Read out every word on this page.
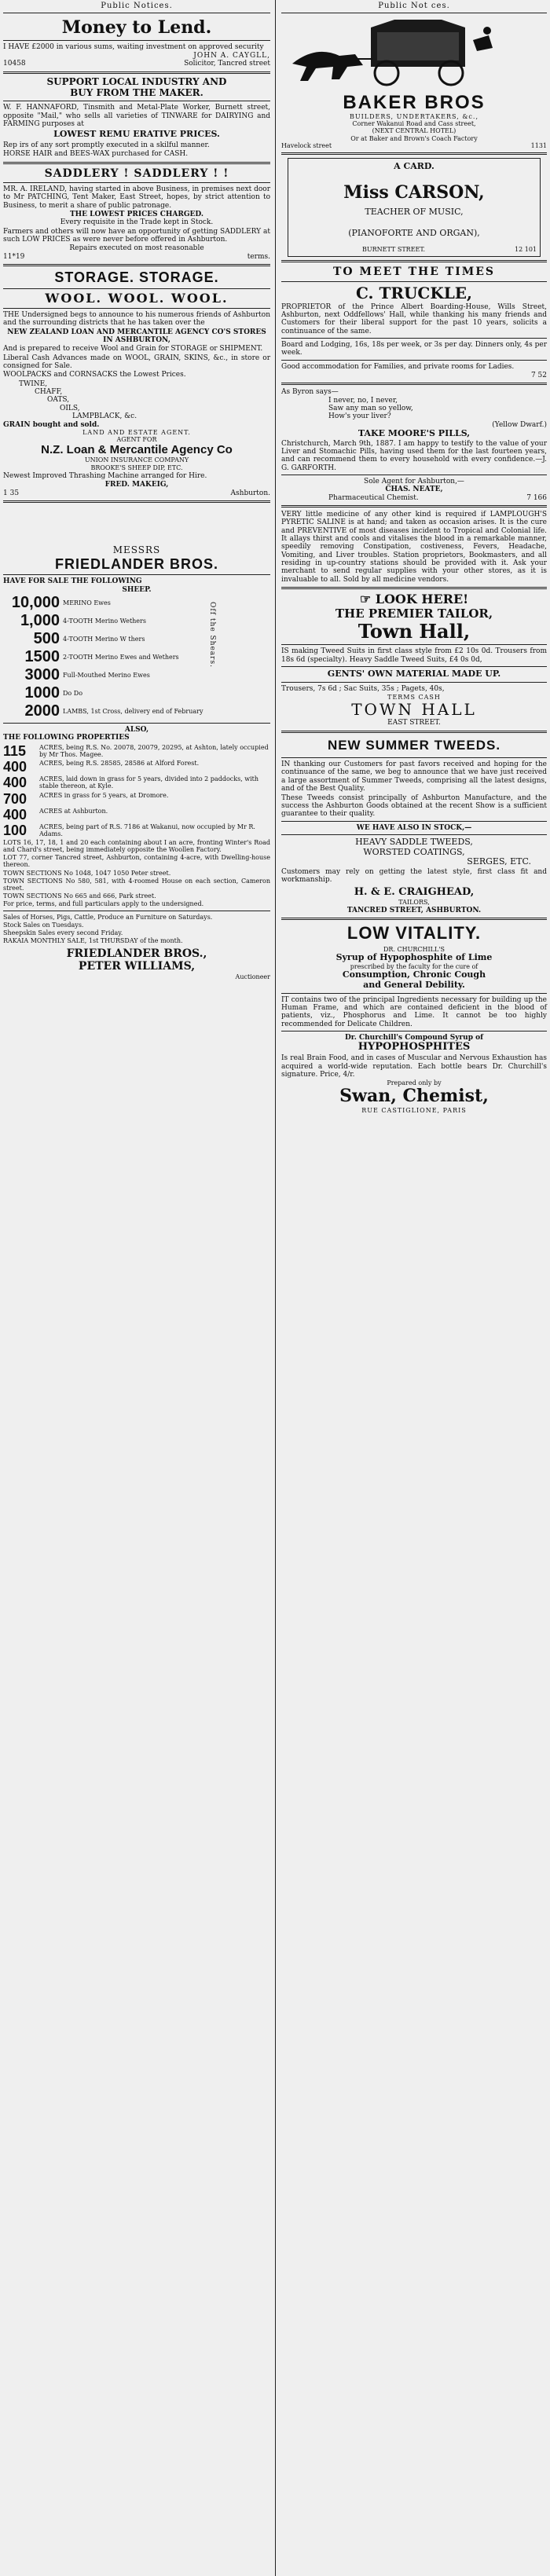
Public Notices.
Money to Lend.

I HAVE £2000 in various sums, waiting investment on approved security

JOHN A. CAYGLL,
10458	Solicitor, Tancred street
SUPPORT LOCAL INDUSTRY AND
BUY FROM THE MAKER.

W. F. HANNAFORD, Tinsmith and Metal-Plate Worker, Burnett street, opposite "Mail," who sells all varieties of TINWARE for DAIRYING and FARMING purposes at

LOWEST REMU ERATIVE PRICES.

Rep irs of any sort promptly executed in a skilful manner.

HORSE HAIR and BEES-WAX purchased for CASH.

SADDLERY ! SADDLERY ! !

MR. A. IRELAND, having started in above Business, in premises next door to Mr PATCHING, Tent Maker, East Street, hopes, by strict attention to Business, to merit a share of public patronage.

THE LOWEST PRICES CHARGED.
Every requisite in the Trade kept in Stock.

Farmers and others will now have an opportunity of getting SADDLERY at such LOW PRICES as were never before offered in Ashburton.

Repairs executed on most reasonable
11*19	terms.
STORAGE. STORAGE.
WOOL. WOOL. WOOL.

THE Undersigned begs to announce to his numerous friends of Ashburton and the surrounding districts that he has taken over the

NEW ZEALAND LOAN AND MERCANTILE AGENCY CO'S STORES IN ASHBURTON,

And is prepared to receive Wool and Grain for STORAGE or SHIPMENT.

Liberal Cash Advances made on WOOL, GRAIN, SKINS, &c., in store or consigned for Sale.

WOOLPACKS and CORNSACKS the Lowest Prices.

TWINE,
CHAFF,
OATS,
OILS,
LAMPBLACK, &c.
GRAIN bought and sold.
LAND AND ESTATE AGENT.
AGENT FOR
N.Z. Loan & Mercantile Agency Co
UNION INSURANCE COMPANY
BROOKE'S SHEEP DIP, ETC.

Newest Improved Thrashing Machine arranged for Hire.

FRED. MAKEIG,
1 35	Ashburton.
MESSRS
FRIEDLANDER BROS.
HAVE FOR SALE THE FOLLOWING
SHEEP.
10,000 MERINO Ewes
1,000 4-TOOTH Merino Wethers
500 4-TOOTH Merino W thers
1500 2-TOOTH Merino Ewes and Wethers
3000 Full-Mouthed Merino Ewes
1000 Do Do
2000 LAMBS, 1st Cross, delivery end of February
Off the Shears.
ALSO,
THE FOLLOWING PROPERTIES
115	ACRES, being R.S. No. 20078, 20079, 20295, at Ashton, lately occupied by Mr Thos. Magee.
400	ACRES, being R.S. 28585, 28586 at Alford Forest.
400	ACRES, laid down in grass for 5 years, divided into 2 paddocks, with stable thereon, at Kyle.
700	ACRES in grass for 5 years, at Dromore.
400	ACRES at Ashburton.
100	ACRES, being part of R.S. 7186 at Wakanui, now occupied by Mr R. Adams.

LOTS 16, 17, 18, 1 and 20 each containing about I an acre, fronting Winter's Road and Chard's street, being immediately opposite the Woollen Factory.

LOT 77, corner Tancred street, Ashburton, containing 4-acre, with Dwelling-house thereon.

TOWN SECTIONS No 1048, 1047 1050 Peter street.

TOWN SECTIONS No 580, 581, with 4-roomed House on each section, Cameron street.

TOWN SECTIONS No 665 and 666, Park street.

For price, terms, and full particulars apply to the undersigned.

Sales of Horses, Pigs, Cattle, Produce an Furniture on Saturdays.

Stock Sales on Tuesdays.

Sheepskin Sales every second Friday.

RAKAIA MONTHLY SALE, 1st THURSDAY of the month.

FRIEDLANDER BROS.,
PETER WILLIAMS,
Auctioneer
Public Not ces.
BAKER BROS
BUILDERS, UNDERTAKERS, &c.,
Corner Wakanui Road and Cass street,
(NEXT CENTRAL HOTEL)
Or at Baker and Brown's Coach Factory
Havelock street	1131
A CARD.
Miss CARSON,
TEACHER OF MUSIC,
(PIANOFORTE AND ORGAN),
BURNETT STREET.	12 101
TO MEET THE TIMES
C. TRUCKLE,

PROPRIETOR of the Prince Albert Boarding-House, Wills Street, Ashburton, next Oddfellows' Hall, while thanking his many friends and Customers for their liberal support for the past 10 years, solicits a continuance of the same.

Board and Lodging, 16s, 18s per week, or 3s per day. Dinners only, 4s per week.

Good accommodation for Families, and private rooms for Ladies.

7 52
As Byron says—
I never, no, I never,
Saw any man so yellow,
How's your liver?
(Yellow Dwarf.)
TAKE MOORE'S PILLS,

Christchurch, March 9th, 1887. I am happy to testify to the value of your Liver and Stomachic Pills, having used them for the last fourteen years, and can recommend them to every household with every confidence.—J. G. GARFORTH.

Sole Agent for Ashburton,—
CHAS. NEATE,
Pharmaceutical Chemist.	7 166

VERY little medicine of any other kind is required if LAMPLOUGH'S PYRETIC SALINE is at hand; and taken as occasion arises. It is the cure and PREVENTIVE of most diseases incident to Tropical and Colonial life. It allays thirst and cools and vitalises the blood in a remarkable manner, speedily removing Constipation, costiveness, Fevers, Headache, Vomiting, and Liver troubles. Station proprietors, Bookmasters, and all residing in up-country stations should be provided with it. Ask your merchant to send regular supplies with your other stores, as it is invaluable to all. Sold by all medicine vendors.

☞ LOOK HERE!
THE PREMIER TAILOR,
Town Hall,

IS making Tweed Suits in first class style from £2 10s 0d. Trousers from 18s 6d (specialty). Heavy Saddle Tweed Suits, £4 0s 0d,

GENTS' OWN MATERIAL MADE UP.

Trousers, 7s 6d ; Sac Suits, 35s ; Pagets, 40s,

TERMS CASH
TOWN HALL
EAST STREET.
NEW SUMMER TWEEDS.

IN thanking our Customers for past favors received and hoping for the continuance of the same, we beg to announce that we have just received a large assortment of Summer Tweeds, comprising all the latest designs, and of the Best Quality.

These Tweeds consist principally of Ashburton Manufacture, and the success the Ashburton Goods obtained at the recent Show is a sufficient guarantee to their quality.

WE HAVE ALSO IN STOCK,—
HEAVY SADDLE TWEEDS,
WORSTED COATINGS,
SERGES, ETC.

Customers may rely on getting the latest style, first class fit and workmanship.

H. & E. CRAIGHEAD,
TAILORS,
TANCRED STREET, ASHBURTON.
LOW VITALITY.
DR. CHURCHILL'S
Syrup of Hypophosphite of Lime
prescribed by the faculty for the cure of
Consumption, Chronic Cough
and General Debility.

IT contains two of the principal Ingredients necessary for building up the Human Frame, and which are contained deficient in the blood of patients, viz., Phosphorus and Lime. It cannot be too highly recommended for Delicate Children.

Dr. Churchill's Compound Syrup of
HYPOPHOSPHITES

Is real Brain Food, and in cases of Muscular and Nervous Exhaustion has acquired a world-wide reputation. Each bottle bears Dr. Churchill's signature. Price, 4/r.

Prepared only by
Swan, Chemist,
RUE CASTIGLIONE, PARIS
